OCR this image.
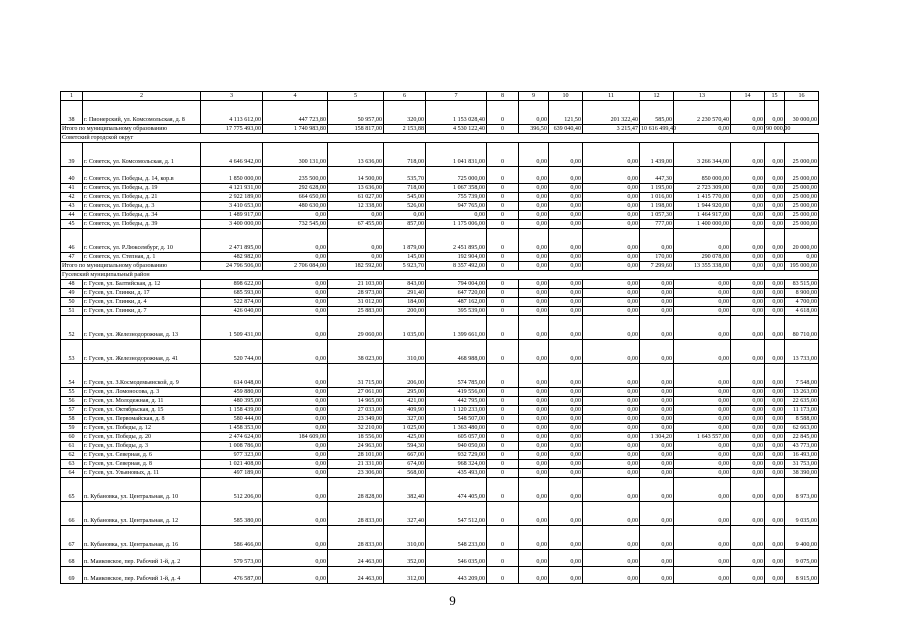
1	2	3	4	5	6	7	8	9	10	11	12	13	14	15	16
38	г. Пионерский, ул. Комсомольская, д. 8	4 113 612,00	447 723,80	50 957,00	320,00	1 153 028,40	0	0,00	121,50	201 322,40	585,00	2 230 570,40	0,00	0,00	30 000,00
Итого по муниципальному образованию		17 775 493,00	1 740 983,80	158 817,00	2 153,88	4 530 122,40	0	396,50	639 040,40	3 215,47	10 616 499,40	0,00	0,00	90 000,00	
Советский городской округ															
39	г. Советск, ул. Комсомольская, д. 1	4 646 942,00	300 131,00	13 636,00	718,00	1 041 831,00	0	0,00	0,00	0,00	1 439,00	3 266 344,00	0,00	0,00	25 000,00
40	г. Советск, ул. Победы, д. 14, кор.в	1 850 000,00	235 500,00	14 500,00	535,70	725 000,00	0	0,00	0,00	0,00	447,30	850 000,00	0,00	0,00	25 000,00
41	г. Советск, ул. Победы, д. 19	4 121 931,00	292 628,00	13 636,00	718,00	1 067 358,00	0	0,00	0,00	0,00	1 195,00	2 723 309,00	0,00	0,00	25 000,00
42	г. Советск, ул. Победы, д. 21	2 922 189,00	664 650,00	61 027,00	545,00	755 739,00	0	0,00	0,00	0,00	1 016,00	1 415 770,00	0,00	0,00	25 000,00
43	г. Советск, ул. Победы, д. 3	3 410 653,00	480 630,00	12 338,00	526,00	947 765,00	0	0,00	0,00	0,00	1 198,00	1 944 920,00	0,00	0,00	25 000,00
44	г. Советск, ул. Победы, д. 34	1 489 917,00	0,00	0,00	0,00	0,00	0	0,00	0,00	0,00	1 057,30	1 464 917,00	0,00	0,00	25 000,00
45	г. Советск, ул. Победы, д. 39	3 400 000,00	732 545,00	67 455,00	857,00	1 175 006,00	0	0,00	0,00	0,00	777,00	1 400 000,00	0,00	0,00	25 000,00
46	г. Советск, ул. Р.Люксембург, д. 10	2 471 895,00	0,00	0,00	1 879,00	2 451 895,00	0	0,00	0,00	0,00	0,00	0,00	0,00	0,00	20 000,00
47	г. Советск, ул. Степная, д. 1	482 982,00	0,00	0,00	145,00	192 904,00	0	0,00	0,00	0,00	170,00	290 078,00	0,00	0,00	0,00
Итого по муниципальному образованию		24 796 506,00	2 706 084,00	182 592,00	5 923,70	8 357 492,00	0	0,00	0,00	0,00	7 299,60	13 355 338,00	0,00	0,00	195 000,00
Гусевский муниципальный район															
48	г. Гусев, ул. Балтийская, д. 12	898 622,00	0,00	21 103,00	843,00	794 004,00	0	0,00	0,00	0,00	0,00	0,00	0,00	0,00	83 515,00
49	г. Гусев, ул. Глинки, д. 17	685 593,00	0,00	28 973,00	291,40	647 720,00	0	0,00	0,00	0,00	0,00	0,00	0,00	0,00	8 900,00
50	г. Гусев, ул. Глинки, д. 4	522 874,00	0,00	31 012,00	184,00	487 162,00	0	0,00	0,00	0,00	0,00	0,00	0,00	0,00	4 700,00
51	г. Гусев, ул. Глинки, д. 7	426 040,00	0,00	25 883,00	200,00	395 539,00	0	0,00	0,00	0,00	0,00	0,00	0,00	0,00	4 618,00
52	г. Гусев, ул. Железнодорожная, д. 13	1 509 431,00	0,00	29 060,00	1 035,00	1 399 661,00	0	0,00	0,00	0,00	0,00	0,00	0,00	0,00	80 710,00
53	г. Гусев, ул. Железнодорожная, д. 41	520 744,00	0,00	38 023,00	310,00	468 988,00	0	0,00	0,00	0,00	0,00	0,00	0,00	0,00	13 733,00
54	г. Гусев, ул. З.Космодемьянской, д. 9	614 048,00	0,00	31 715,00	206,00	574 785,00	0	0,00	0,00	0,00	0,00	0,00	0,00	0,00	7 548,00
55	г. Гусев, ул. Ломоносова, д. 3	459 880,00	0,00	27 061,00	295,00	419 556,00	0	0,00	0,00	0,00	0,00	0,00	0,00	0,00	13 263,00
56	г. Гусев, ул. Молодежная, д. 11	480 395,00	0,00	14 965,00	421,00	442 795,00	0	0,00	0,00	0,00	0,00	0,00	0,00	0,00	22 635,00
57	г. Гусев, ул. Октябрьская, д. 15	1 158 439,00	0,00	27 033,00	409,90	1 120 233,00	0	0,00	0,00	0,00	0,00	0,00	0,00	0,00	11 173,00
58	г. Гусев, ул. Первомайская, д. 8	580 444,00	0,00	23 349,00	327,00	548 507,00	0	0,00	0,00	0,00	0,00	0,00	0,00	0,00	8 588,00
59	г. Гусев, ул. Победы, д. 12	1 458 353,00	0,00	32 210,00	1 025,00	1 363 480,00	0	0,00	0,00	0,00	0,00	0,00	0,00	0,00	62 663,00
60	г. Гусев, ул. Победы, д. 20	2 474 624,00	184 609,00	18 556,00	425,00	605 057,00	0	0,00	0,00	0,00	1 304,20	1 643 557,00	0,00	0,00	22 845,00
61	г. Гусев, ул. Победы, д. 3	1 008 786,00	0,00	24 963,00	594,30	940 050,00	0	0,00	0,00	0,00	0,00	0,00	0,00	0,00	43 773,00
62	г. Гусев, ул. Северная, д. 6	977 323,00	0,00	28 101,00	667,00	932 729,00	0	0,00	0,00	0,00	0,00	0,00	0,00	0,00	16 493,00
63	г. Гусев, ул. Северная, д. 8	1 021 408,00	0,00	21 331,00	674,00	968 324,00	0	0,00	0,00	0,00	0,00	0,00	0,00	0,00	31 753,00
64	г. Гусев, ул. Ульяновых, д. 11	497 189,00	0,00	23 306,00	568,00	435 493,00	0	0,00	0,00	0,00	0,00	0,00	0,00	0,00	38 390,00
65	п. Кубановка, ул. Центральная, д. 10	512 206,00	0,00	28 828,00	382,40	474 405,00	0	0,00	0,00	0,00	0,00	0,00	0,00	0,00	8 973,00
66	п. Кубановка, ул. Центральная, д. 12	585 380,00	0,00	28 833,00	327,40	547 512,00	0	0,00	0,00	0,00	0,00	0,00	0,00	0,00	9 035,00
67	п. Кубановка, ул. Центральная, д. 16	586 466,00	0,00	28 833,00	310,00	548 233,00	0	0,00	0,00	0,00	0,00	0,00	0,00	0,00	9 400,00
68	п. Маиковское, пер. Рабочий 1-й, д. 2	579 573,00	0,00	24 463,00	352,00	546 035,00	0	0,00	0,00	0,00	0,00	0,00	0,00	0,00	9 075,00
69	п. Маиковское, пер. Рабочий 1-й, д. 4	476 587,00	0,00	24 463,00	312,00	443 209,00	0	0,00	0,00	0,00	0,00	0,00	0,00	0,00	8 915,00
9
